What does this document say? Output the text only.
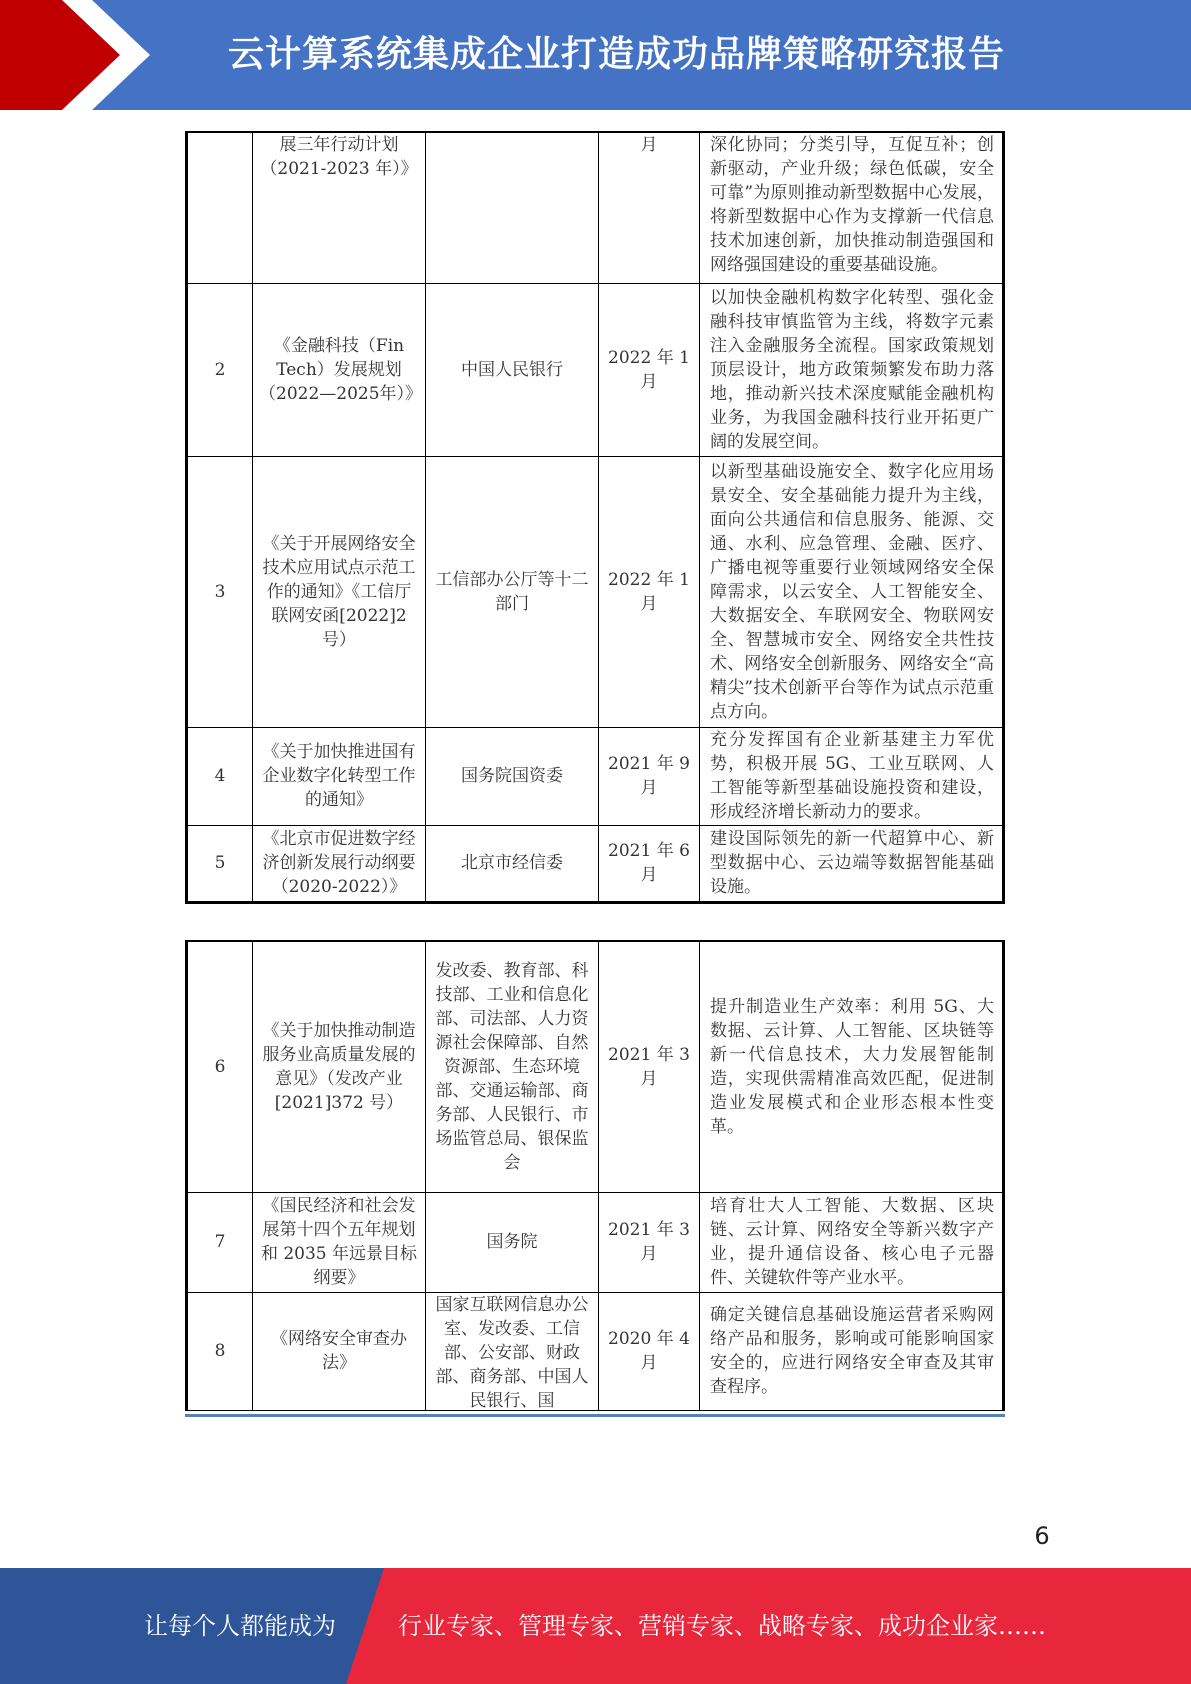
云计算系统集成企业打造成功品牌策略研究报告

	展三年行动计划（2021-2023 年）》		月	深化协同；分类引导，互促互补；创新驱动，产业升级；绿色低碳，安全可靠”为原则推动新型数据中心发展，将新型数据中心作为支撑新一代信息技术加速创新，加快推动制造强国和网络强国建设的重要基础设施。
2	《金融科技（Fin Tech）发展规划（2022—2025年）》	中国人民银行	2022 年 1 月	以加快金融机构数字化转型、强化金融科技审慎监管为主线，将数字元素注入金融服务全流程。国家政策规划顶层设计，地方政策频繁发布助力落地，推动新兴技术深度赋能金融机构业务，为我国金融科技行业开拓更广阔的发展空间。
3	《关于开展网络安全技术应用试点示范工作的通知》《工信厅联网安函[2022]2 号）	工信部办公厅等十二部门	2022 年 1 月	以新型基础设施安全、数字化应用场景安全、安全基础能力提升为主线，面向公共通信和信息服务、能源、交通、水利、应急管理、金融、医疗、广播电视等重要行业领域网络安全保障需求，以云安全、人工智能安全、大数据安全、车联网安全、物联网安全、智慧城市安全、网络安全共性技术、网络安全创新服务、网络安全“高精尖”技术创新平台等作为试点示范重点方向。
4	《关于加快推进国有企业数字化转型工作的通知》	国务院国资委	2021 年 9 月	充分发挥国有企业新基建主力军优势，积极开展 5G、工业互联网、人工智能等新型基础设施投资和建设，形成经济增长新动力的要求。
5	《北京市促进数字经济创新发展行动纲要（2020-2022）》	北京市经信委	2021 年 6 月	建设国际领先的新一代超算中心、新型数据中心、云边端等数据智能基础设施。
6	《关于加快推动制造服务业高质量发展的意见》（发改产业[2021]372 号）	发改委、教育部、科技部、工业和信息化部、司法部、人力资源社会保障部、自然资源部、生态环境部、交通运输部、商务部、人民银行、市场监管总局、银保监会	2021 年 3 月	提升制造业生产效率：利用 5G、大数据、云计算、人工智能、区块链等新一代信息技术，大力发展智能制造，实现供需精准高效匹配，促进制造业发展模式和企业形态根本性变革。
7	《国民经济和社会发展第十四个五年规划和 2035 年远景目标纲要》	国务院	2021 年 3 月	培育壮大人工智能、大数据、区块链、云计算、网络安全等新兴数字产业，提升通信设备、核心电子元器件、关键软件等产业水平。
8	《网络安全审查办法》	国家互联网信息办公室、发改委、工信部、公安部、财政部、商务部、中国人民银行、国	2020 年 4 月	确定关键信息基础设施运营者采购网络产品和服务，影响或可能影响国家安全的，应进行网络安全审查及其审查程序。
6
让每个人都能成为	行业专家、管理专家、营销专家、战略专家、成功企业家……
